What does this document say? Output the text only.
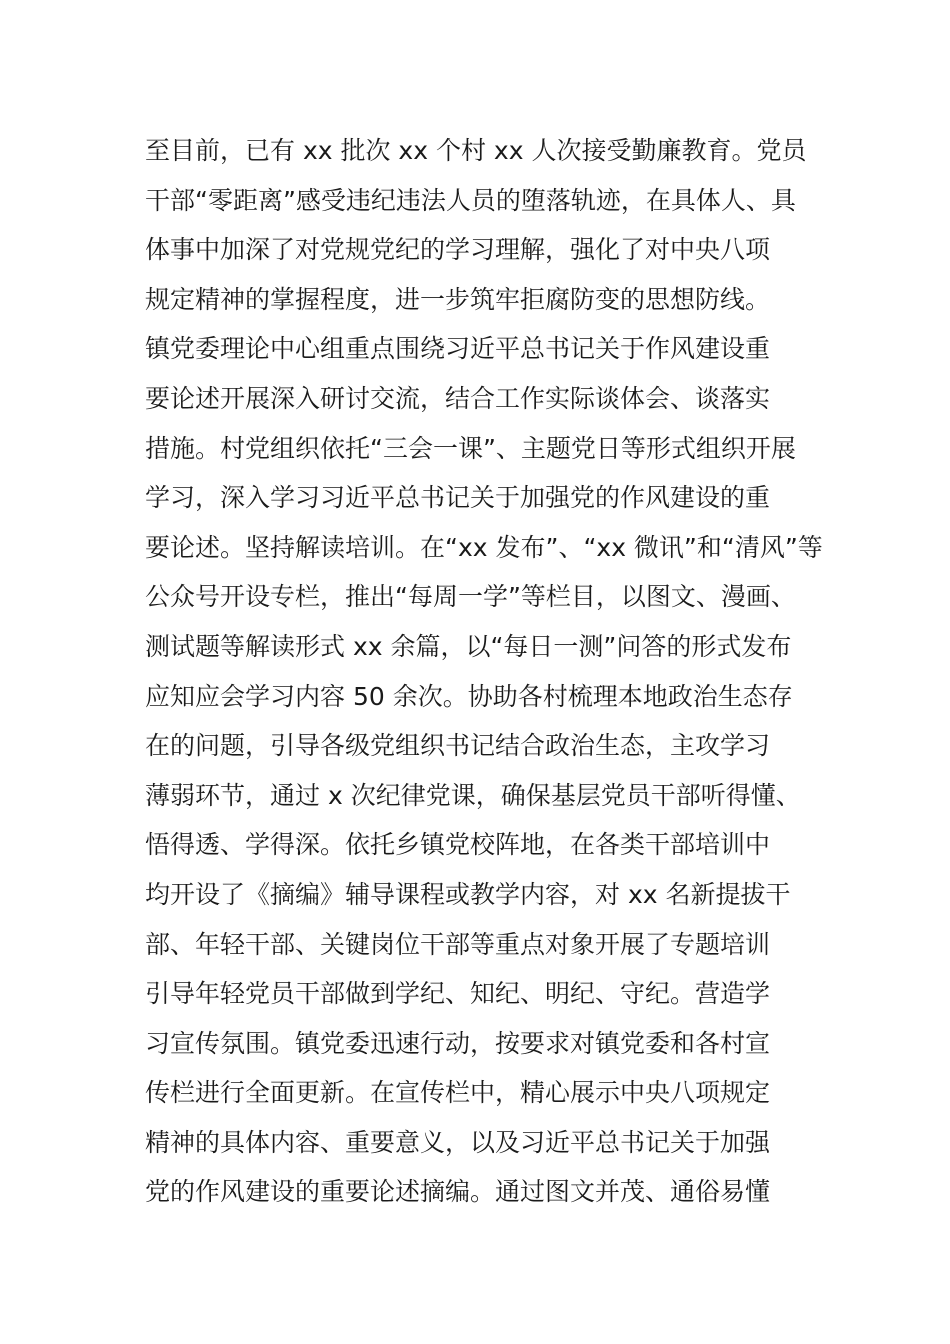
至目前，已有 xx 批次 xx 个村 xx 人次接受勤廉教育。党员
干部“零距离”感受违纪违法人员的堕落轨迹，在具体人、具
体事中加深了对党规党纪的学习理解，强化了对中央八项
规定精神的掌握程度，进一步筑牢拒腐防变的思想防线。
镇党委理论中心组重点围绕习近平总书记关于作风建设重
要论述开展深入研讨交流，结合工作实际谈体会、谈落实
措施。村党组织依托“三会一课”、主题党日等形式组织开展
学习，深入学习习近平总书记关于加强党的作风建设的重
要论述。坚持解读培训。在“xx 发布”、“xx 微讯”和“清风”等
公众号开设专栏，推出“每周一学”等栏目，以图文、漫画、
测试题等解读形式 xx 余篇，以“每日一测”问答的形式发布
应知应会学习内容 50 余次。协助各村梳理本地政治生态存
在的问题，引导各级党组织书记结合政治生态，主攻学习
薄弱环节，通过 x 次纪律党课，确保基层党员干部听得懂、
悟得透、学得深。依托乡镇党校阵地，在各类干部培训中
均开设了《摘编》辅导课程或教学内容，对 xx 名新提拔干
部、年轻干部、关键岗位干部等重点对象开展了专题培训
引导年轻党员干部做到学纪、知纪、明纪、守纪。营造学
习宣传氛围。镇党委迅速行动，按要求对镇党委和各村宣
传栏进行全面更新。在宣传栏中，精心展示中央八项规定
精神的具体内容、重要意义，以及习近平总书记关于加强
党的作风建设的重要论述摘编。通过图文并茂、通俗易懂
